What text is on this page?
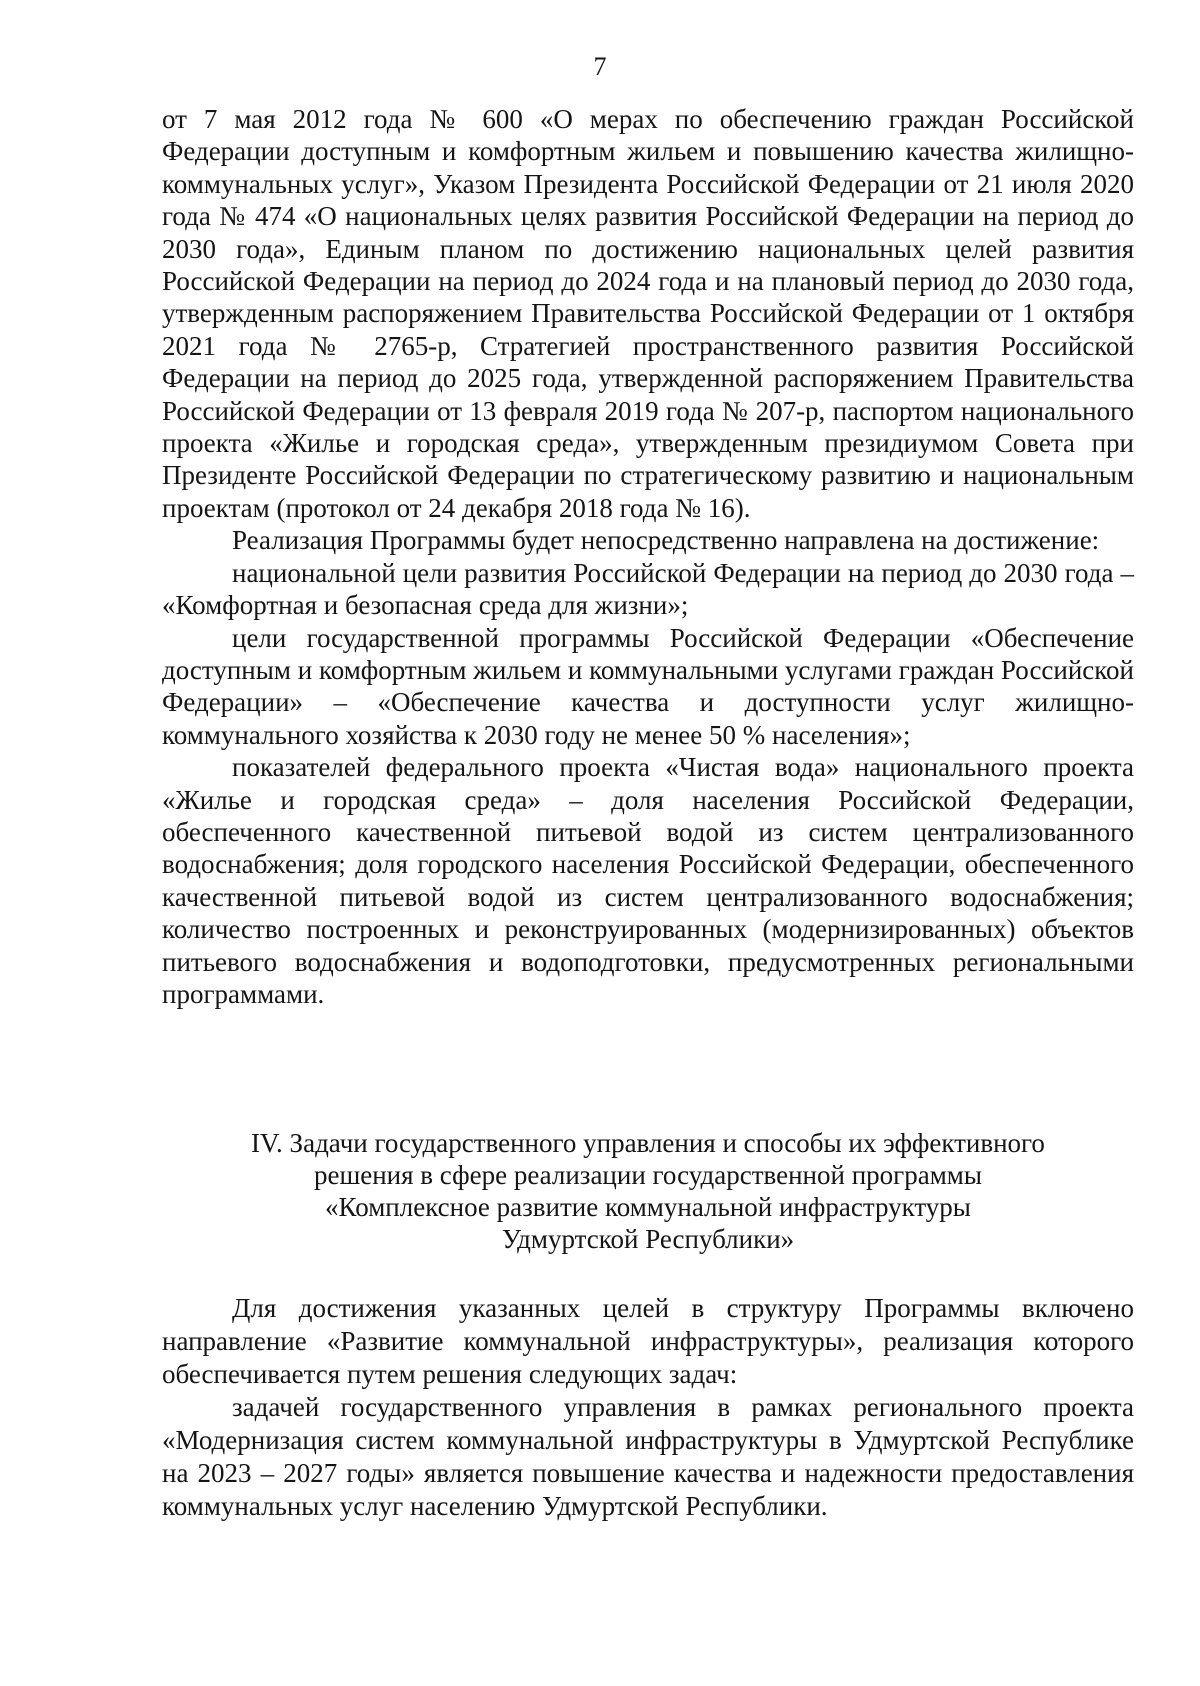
7

от 7 мая 2012 года № 600 «О мерах по обеспечению граждан Российской Федерации доступным и комфортным жильем и повышению качества жилищно-коммунальных услуг», Указом Президента Российской Федерации от 21 июля 2020 года № 474 «О национальных целях развития Российской Федерации на период до 2030 года», Единым планом по достижению национальных целей развития Российской Федерации на период до 2024 года и на плановый период до 2030 года, утвержденным распоряжением Правительства Российской Федерации от 1 октября 2021 года № 2765-р, Стратегией пространственного развития Российской Федерации на период до 2025 года, утвержденной распоряжением Правительства Российской Федерации от 13 февраля 2019 года № 207-р, паспортом национального проекта «Жилье и городская среда», утвержденным президиумом Совета при Президенте Российской Федерации по стратегическому развитию и национальным проектам (протокол от 24 декабря 2018 года № 16).

Реализация Программы будет непосредственно направлена на достижение:

национальной цели развития Российской Федерации на период до 2030 года – «Комфортная и безопасная среда для жизни»;

цели государственной программы Российской Федерации «Обеспечение доступным и комфортным жильем и коммунальными услугами граждан Российской Федерации» – «Обеспечение качества и доступности услуг жилищно-коммунального хозяйства к 2030 году не менее 50 % населения»;

показателей федерального проекта «Чистая вода» национального проекта «Жилье и городская среда» – доля населения Российской Федерации, обеспеченного качественной питьевой водой из систем централизованного водоснабжения; доля городского населения Российской Федерации, обеспеченного качественной питьевой водой из систем централизованного водоснабжения; количество построенных и реконструированных (модернизированных) объектов питьевого водоснабжения и водоподготовки, предусмотренных региональными программами.

IV. Задачи государственного управления и способы их эффективного
решения в сфере реализации государственной программы
«Комплексное развитие коммунальной инфраструктуры
Удмуртской Республики»

Для достижения указанных целей в структуру Программы включено направление «Развитие коммунальной инфраструктуры», реализация которого обеспечивается путем решения следующих задач:

задачей государственного управления в рамках регионального проекта «Модернизация систем коммунальной инфраструктуры в Удмуртской Республике на 2023 – 2027 годы» является повышение качества и надежности предоставления коммунальных услуг населению Удмуртской Республики.
